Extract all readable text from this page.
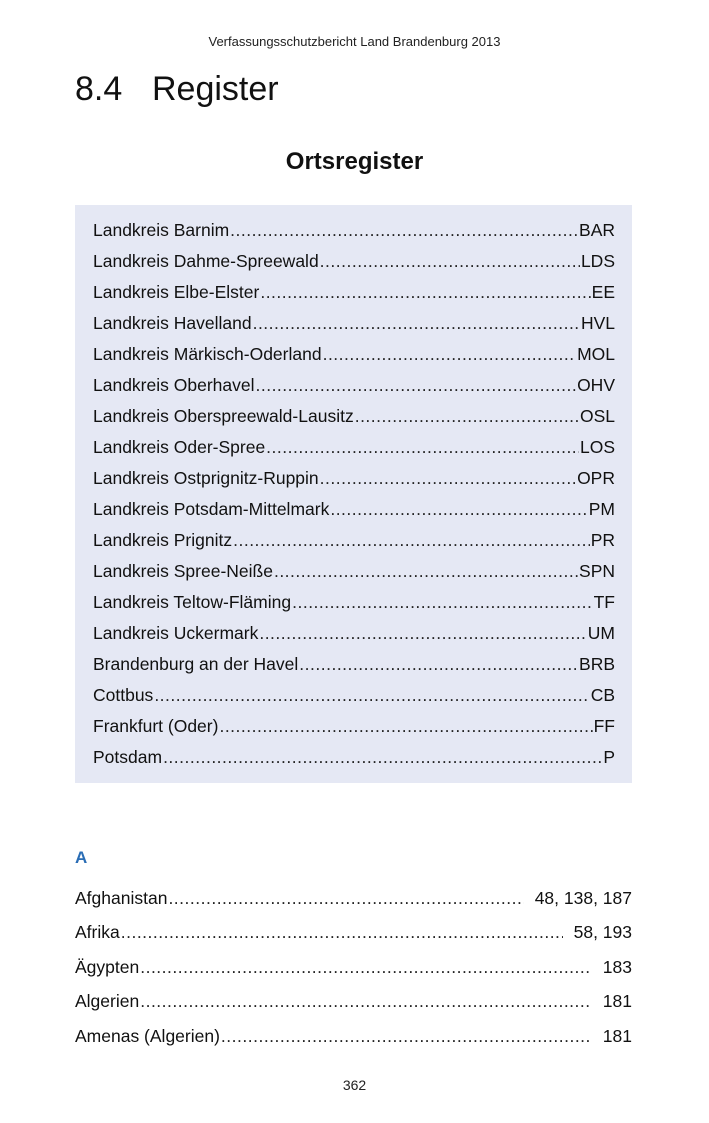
Verfassungsschutzbericht Land Brandenburg 2013
8.4 Register
Ortsregister
Landkreis Barnim .....	BAR
Landkreis Dahme-Spreewald .....	LDS
Landkreis Elbe-Elster .....	EE
Landkreis Havelland .....	HVL
Landkreis Märkisch-Oderland .....	MOL
Landkreis Oberhavel .....	OHV
Landkreis Oberspreewald-Lausitz .....	OSL
Landkreis Oder-Spree .....	LOS
Landkreis Ostprignitz-Ruppin .....	OPR
Landkreis Potsdam-Mittelmark .....	PM
Landkreis Prignitz .....	PR
Landkreis Spree-Neiße .....	SPN
Landkreis Teltow-Fläming .....	TF
Landkreis Uckermark .....	UM
Brandenburg an der Havel .....	BRB
Cottbus .....	CB
Frankfurt (Oder) .....	FF
Potsdam .....	P
A
Afghanistan .....	48, 138, 187
Afrika .....	58, 193
Ägypten .....	183
Algerien .....	181
Amenas (Algerien) .....	181
362
